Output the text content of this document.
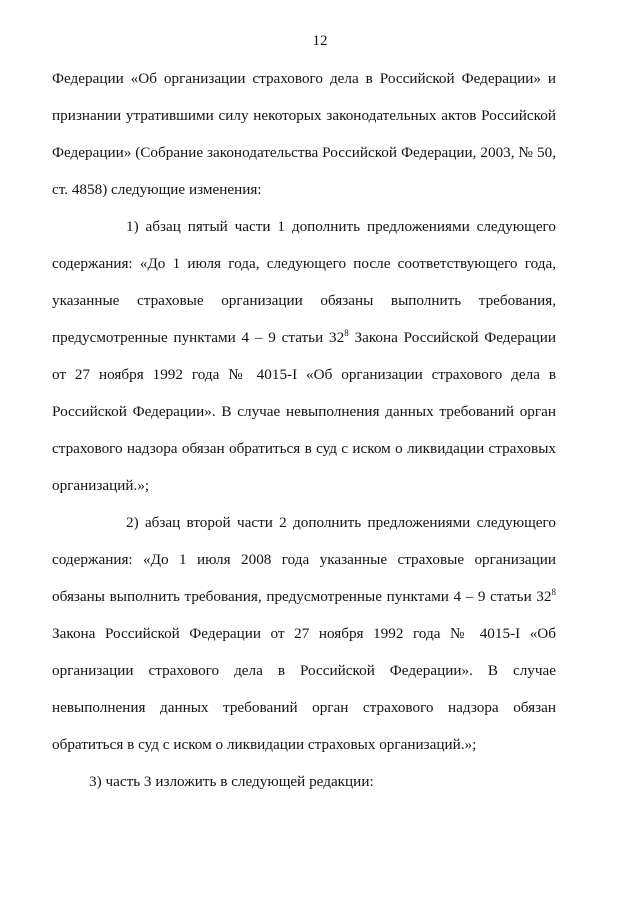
12

Федерации «Об организации страхового дела в Российской Федерации» и признании утратившими силу некоторых законодательных актов Российской Федерации» (Собрание законодательства Российской Федерации, 2003, № 50, ст. 4858) следующие изменения:

1) абзац пятый части 1 дополнить предложениями следующего содержания: «До 1 июля года, следующего после соответствующего года, указанные страховые организации обязаны выполнить требования, предусмотренные пунктами 4 – 9 статьи $32^8$ Закона Российской Федерации от 27 ноября 1992 года № 4015-I «Об организации страхового дела в Российской Федерации». В случае невыполнения данных требований орган страхового надзора обязан обратиться в суд с иском о ликвидации страховых организаций.»;

2) абзац второй части 2 дополнить предложениями следующего содержания: «До 1 июля 2008 года указанные страховые организации обязаны выполнить требования, предусмотренные пунктами 4 – 9 статьи $32^8$ Закона Российской Федерации от 27 ноября 1992 года № 4015-I «Об организации страхового дела в Российской Федерации». В случае невыполнения данных требований орган страхового надзора обязан обратиться в суд с иском о ликвидации страховых организаций.»;

3) часть 3 изложить в следующей редакции:
